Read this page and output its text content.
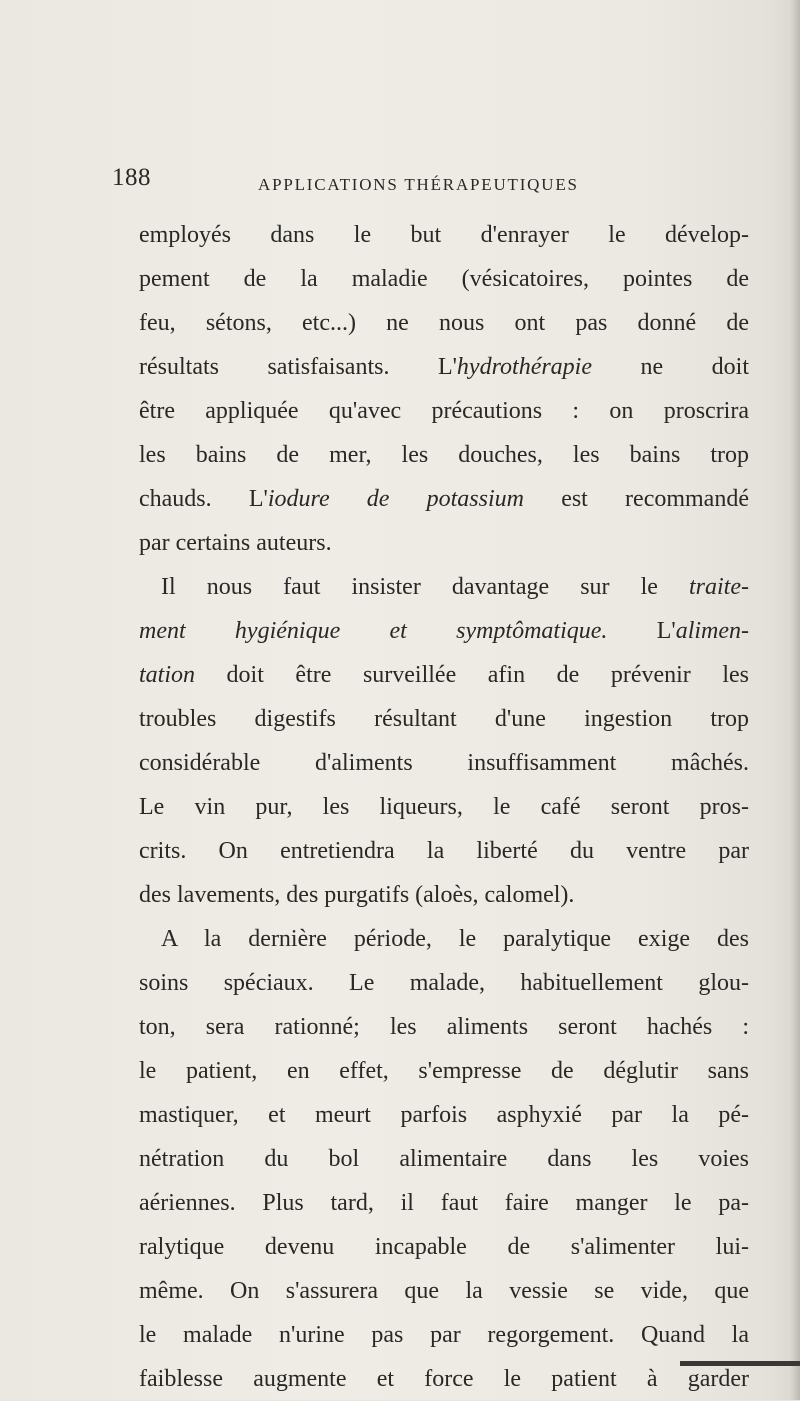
188	APPLICATIONS THÉRAPEUTIQUES
employés dans le but d'enrayer le dévelop-
pement de la maladie (vésicatoires, pointes de
feu, sétons, etc...) ne nous ont pas donné de
résultats satisfaisants. L'hydrothérapie ne doit
être appliquée qu'avec précautions : on proscrira
les bains de mer, les douches, les bains trop
chauds. L'iodure de potassium est recommandé
par certains auteurs.
Il nous faut insister davantage sur le traite-
ment hygiénique et symptômatique. L'alimen-
tation doit être surveillée afin de prévenir les
troubles digestifs résultant d'une ingestion trop
considérable d'aliments insuffisamment mâchés.
Le vin pur, les liqueurs, le café seront pros-
crits. On entretiendra la liberté du ventre par
des lavements, des purgatifs (aloès, calomel).
A la dernière période, le paralytique exige des
soins spéciaux. Le malade, habituellement glou-
ton, sera rationné; les aliments seront hachés :
le patient, en effet, s'empresse de déglutir sans
mastiquer, et meurt parfois asphyxié par la pé-
nétration du bol alimentaire dans les voies
aériennes. Plus tard, il faut faire manger le pa-
ralytique devenu incapable de s'alimenter lui-
même. On s'assurera que la vessie se vide, que
le malade n'urine pas par regorgement. Quand la
faiblesse augmente et force le patient à garder
